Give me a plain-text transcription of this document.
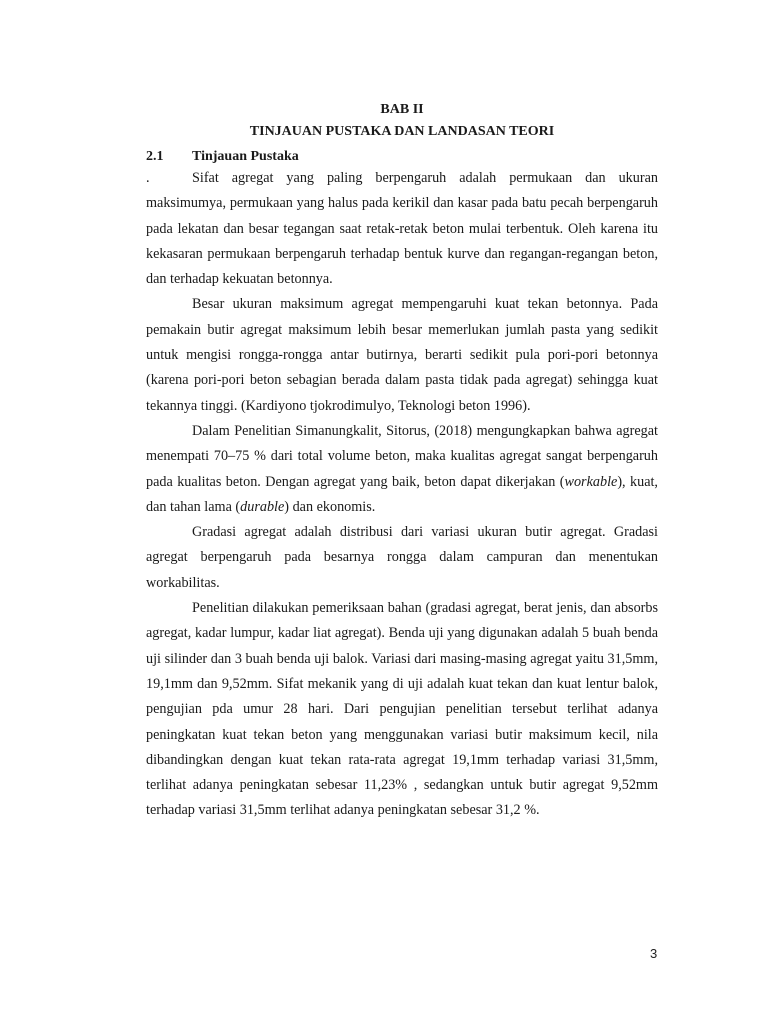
BAB II
TINJAUAN PUSTAKA DAN LANDASAN TEORI
2.1 Tinjauan Pustaka

.	Sifat agregat yang paling berpengaruh adalah permukaan dan ukuran maksimumya, permukaan yang halus pada kerikil dan kasar pada batu pecah berpengaruh pada lekatan dan besar tegangan saat retak-retak beton mulai terbentuk. Oleh karena itu kekasaran permukaan berpengaruh terhadap bentuk kurve dan regangan-regangan beton, dan terhadap kekuatan betonnya.

Besar ukuran maksimum agregat mempengaruhi kuat tekan betonnya. Pada pemakain butir agregat maksimum lebih besar memerlukan jumlah pasta yang sedikit untuk mengisi rongga-rongga antar butirnya, berarti sedikit pula pori-pori betonnya (karena pori-pori beton sebagian berada dalam pasta tidak pada agregat) sehingga kuat tekannya tinggi. (Kardiyono tjokrodimulyo, Teknologi beton 1996).

Dalam Penelitian Simanungkalit, Sitorus, (2018) mengungkapkan bahwa agregat menempati 70–75 % dari total volume beton, maka kualitas agregat sangat berpengaruh pada kualitas beton. Dengan agregat yang baik, beton dapat dikerjakan (workable), kuat, dan tahan lama (durable) dan ekonomis.

Gradasi agregat adalah distribusi dari variasi ukuran butir agregat. Gradasi agregat berpengaruh pada besarnya rongga dalam campuran dan menentukan workabilitas.

Penelitian dilakukan pemeriksaan bahan (gradasi agregat, berat jenis, dan absorbs agregat, kadar lumpur, kadar liat agregat). Benda uji yang digunakan adalah 5 buah benda uji silinder dan 3 buah benda uji balok. Variasi dari masing-masing agregat yaitu 31,5mm, 19,1mm dan 9,52mm. Sifat mekanik yang di uji adalah kuat tekan dan kuat lentur balok, pengujian pda umur 28 hari. Dari pengujian penelitian tersebut terlihat adanya peningkatan kuat tekan beton yang menggunakan variasi butir maksimum kecil, nila dibandingkan dengan kuat tekan rata-rata agregat 19,1mm terhadap variasi 31,5mm, terlihat adanya peningkatan sebesar 11,23% , sedangkan untuk butir agregat 9,52mm terhadap variasi 31,5mm terlihat adanya peningkatan sebesar 31,2 %.

3
